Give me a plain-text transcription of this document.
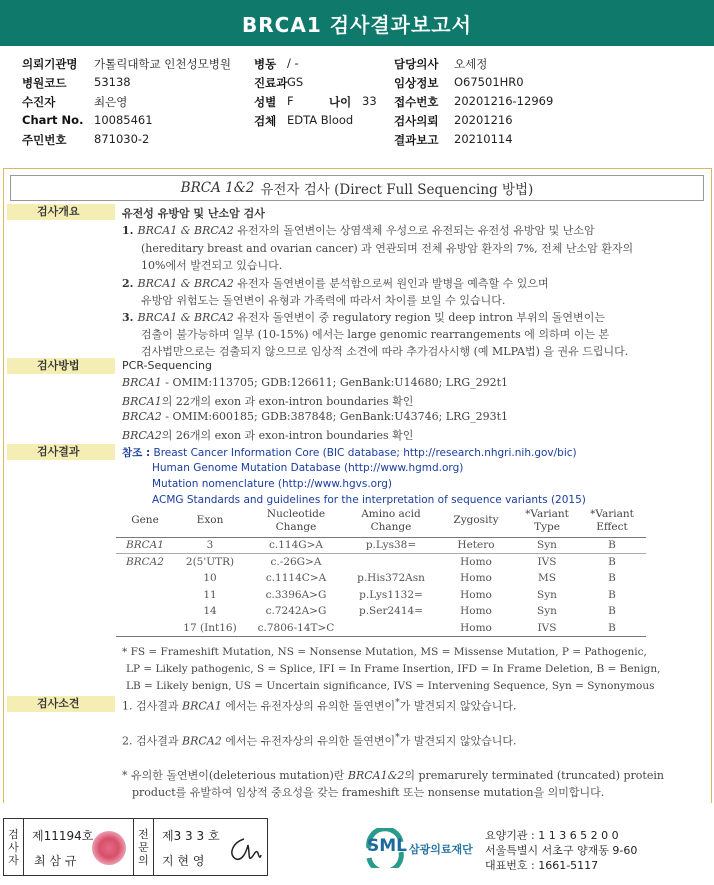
BRCA1 검사결과보고서
의뢰기관명 가톨릭대학교 인천성모병원 병동 / -	담당의사 오세정
병원코드 53138	진료과 GS	임상정보 O67501HR0
수진자	최은영	성별 F	나이 33 접수번호 20201216-12969
Chart No. 10085461	검체 EDTA Blood	검사의뢰 20201216
주민번호 871030-2	결과보고 20210114
BRCA 1&2 유전자 검사 (Direct Full Sequencing 방법)
검사개요	유전성 유방암 및 난소암 검사
1. BRCA1 & BRCA2 유전자의 돌연변이는 상염색체 우성으로 유전되는 유전성 유방암 및 난소암
(hereditary breast and ovarian cancer) 과 연관되며 전체 유방암 환자의 7%, 전체 난소암 환자의
10%에서 발견되고 있습니다.
2. BRCA1 & BRCA2 유전자 돌연변이를 분석함으로써 원인과 발병을 예측할 수 있으며
유방암 위험도는 돌연변이 유형과 가족력에 따라서 차이를 보일 수 있습니다.
3. BRCA1 & BRCA2 유전자 돌연변이 중 regulatory region 및 deep intron 부위의 돌연변이는
검출이 불가능하며 일부 (10-15%) 에서는 large genomic rearrangements 에 의하며 이는 본
검사법만으로는 검출되지 않으므로 임상적 소견에 따라 추가검사시행 (예 MLPA법) 을 권유 드립니다.
검사방법	PCR-Sequencing
BRCA1 - OMIM:113705; GDB:126611; GenBank:U14680; LRG_292t1
BRCA1의 22개의 exon 과 exon-intron boundaries 확인
BRCA2 - OMIM:600185; GDB:387848; GenBank:U43746; LRG_293t1
BRCA2의 26개의 exon 과 exon-intron boundaries 확인
검사결과	참조 : Breast Cancer Information Core (BIC database; http://research.nhgri.nih.gov/bic)
Human Genome Mutation Database (http://www.hgmd.org)
Mutation nomenclature (http://www.hgvs.org)
ACMG Standards and guidelines for the interpretation of sequence variants (2015)
Gene	Exon	Nucleotide Change	Amino acid Change	Zygosity	*Variant Type	*Variant Effect
BRCA1	3	c.114G>A	p.Lys38=	Hetero	Syn	B
BRCA2	2(5'UTR)	c.-26G>A		Homo	IVS	B
	10	c.1114C>A	p.His372Asn	Homo	MS	B
	11	c.3396A>G	p.Lys1132=	Homo	Syn	B
	14	c.7242A>G	p.Ser2414=	Homo	Syn	B
	17 (Int16)	c.7806-14T>C		Homo	IVS	B
* FS = Frameshift Mutation, NS = Nonsense Mutation, MS = Missense Mutation, P = Pathogenic,
LP = Likely pathogenic, S = Splice, IFI = In Frame Insertion, IFD = In Frame Deletion, B = Benign,
LB = Likely benign, US = Uncertain significance, IVS = Intervening Sequence, Syn = Synonymous
검사소견	1. 검사결과 BRCA1 에서는 유전자상의 유의한 돌연변이*가 발견되지 않았습니다.
2. 검사결과 BRCA2 에서는 유전자상의 유의한 돌연변이*가 발견되지 않았습니다.
* 유의한 돌연변이(deleterious mutation)란 BRCA1&2의 premarurely terminated (truncated) protein
product를 유발하여 임상적 중요성을 갖는 frameshift 또는 nonsense mutation을 의미합니다.
검
사
자
제11194호
최 삼 규
전
문
의
제3 3 3 호
지 현 영
SML 삼광의료재단
요양기관 : 1 1 3 6 5 2 0 0
서울특별시 서초구 양재동 9-60
대표번호 : 1661-5117
